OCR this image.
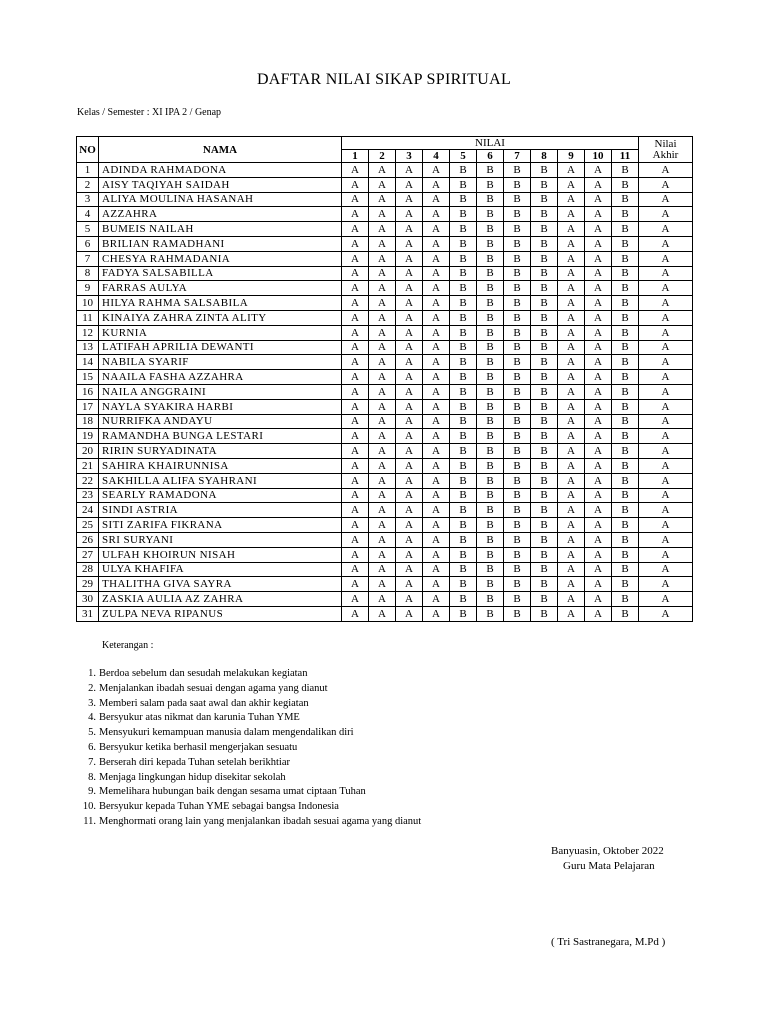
DAFTAR NILAI SIKAP SPIRITUAL
Kelas / Semester : XI IPA 2 / Genap
NO	NAMA	NILAI											Nilai
Akhir
		1	2	3	4	5	6	7	8	9	10	11	
1	ADINDA RAHMADONA	A	A	A	A	B	B	B	B	A	A	B	A
2	AISY TAQIYAH SAIDAH	A	A	A	A	B	B	B	B	A	A	B	A
3	ALIYA MOULINA HASANAH	A	A	A	A	B	B	B	B	A	A	B	A
4	AZZAHRA	A	A	A	A	B	B	B	B	A	A	B	A
5	BUMEIS NAILAH	A	A	A	A	B	B	B	B	A	A	B	A
6	BRILIAN RAMADHANI	A	A	A	A	B	B	B	B	A	A	B	A
7	CHESYA RAHMADANIA	A	A	A	A	B	B	B	B	A	A	B	A
8	FADYA SALSABILLA	A	A	A	A	B	B	B	B	A	A	B	A
9	FARRAS AULYA	A	A	A	A	B	B	B	B	A	A	B	A
10	HILYA RAHMA SALSABILA	A	A	A	A	B	B	B	B	A	A	B	A
11	KINAIYA ZAHRA ZINTA ALITY	A	A	A	A	B	B	B	B	A	A	B	A
12	KURNIA	A	A	A	A	B	B	B	B	A	A	B	A
13	LATIFAH APRILIA DEWANTI	A	A	A	A	B	B	B	B	A	A	B	A
14	NABILA SYARIF	A	A	A	A	B	B	B	B	A	A	B	A
15	NAAILA FASHA AZZAHRA	A	A	A	A	B	B	B	B	A	A	B	A
16	NAILA ANGGRAINI	A	A	A	A	B	B	B	B	A	A	B	A
17	NAYLA SYAKIRA HARBI	A	A	A	A	B	B	B	B	A	A	B	A
18	NURRIFKA ANDAYU	A	A	A	A	B	B	B	B	A	A	B	A
19	RAMANDHA BUNGA LESTARI	A	A	A	A	B	B	B	B	A	A	B	A
20	RIRIN SURYADINATA	A	A	A	A	B	B	B	B	A	A	B	A
21	SAHIRA KHAIRUNNISA	A	A	A	A	B	B	B	B	A	A	B	A
22	SAKHILLA ALIFA SYAHRANI	A	A	A	A	B	B	B	B	A	A	B	A
23	SEARLY RAMADONA	A	A	A	A	B	B	B	B	A	A	B	A
24	SINDI ASTRIA	A	A	A	A	B	B	B	B	A	A	B	A
25	SITI ZARIFA FIKRANA	A	A	A	A	B	B	B	B	A	A	B	A
26	SRI SURYANI	A	A	A	A	B	B	B	B	A	A	B	A
27	ULFAH KHOIRUN NISAH	A	A	A	A	B	B	B	B	A	A	B	A
28	ULYA KHAFIFA	A	A	A	A	B	B	B	B	A	A	B	A
29	THALITHA GIVA SAYRA	A	A	A	A	B	B	B	B	A	A	B	A
30	ZASKIA AULIA AZ ZAHRA	A	A	A	A	B	B	B	B	A	A	B	A
31	ZULPA NEVA RIPANUS	A	A	A	A	B	B	B	B	A	A	B	A
Keterangan :
1. Berdoa sebelum dan sesudah melakukan kegiatan
2. Menjalankan ibadah sesuai dengan agama yang dianut
3. Memberi salam pada saat awal dan akhir kegiatan
4. Bersyukur atas nikmat dan karunia Tuhan YME
5. Mensyukuri kemampuan manusia dalam mengendalikan diri
6. Bersyukur ketika berhasil mengerjakan sesuatu
7. Berserah diri kepada Tuhan setelah berikhtiar
8. Menjaga lingkungan hidup disekitar sekolah
9. Memelihara hubungan baik dengan sesama umat ciptaan Tuhan
10. Bersyukur kepada Tuhan YME sebagai bangsa Indonesia
11. Menghormati orang lain yang menjalankan ibadah sesuai agama yang dianut
Banyuasin, Oktober 2022
Guru Mata Pelajaran
( Tri Sastranegara, M.Pd )
